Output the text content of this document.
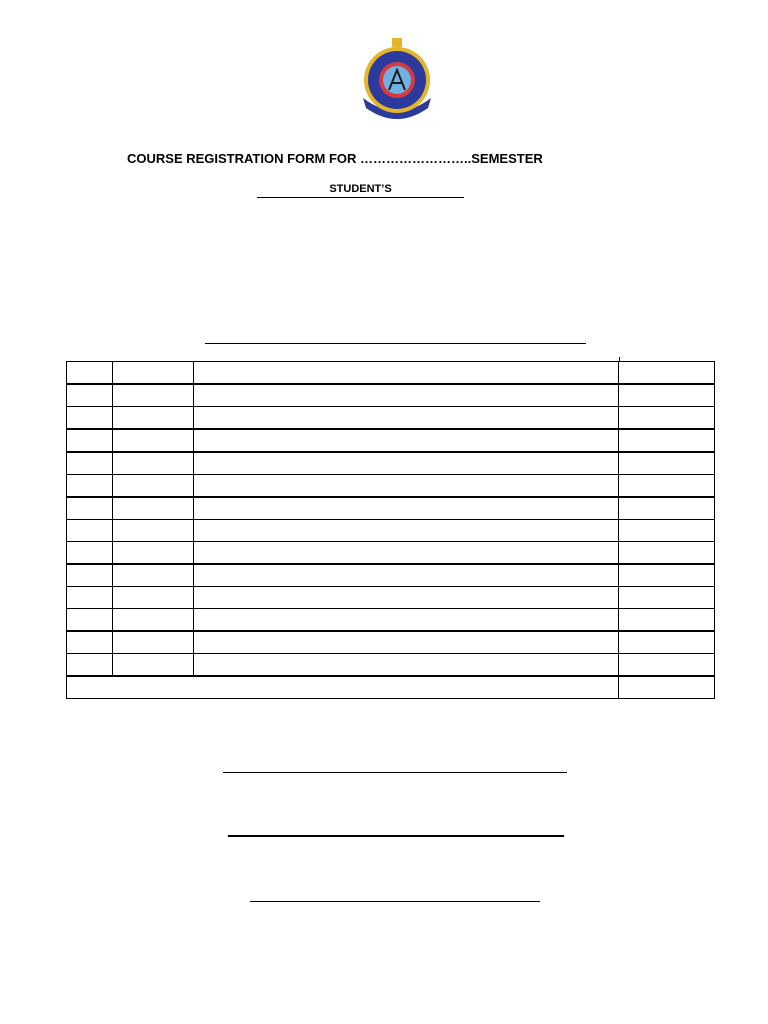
COURSE REGISTRATION FORM FOR ……………………..SEMESTER
STUDENT’S
